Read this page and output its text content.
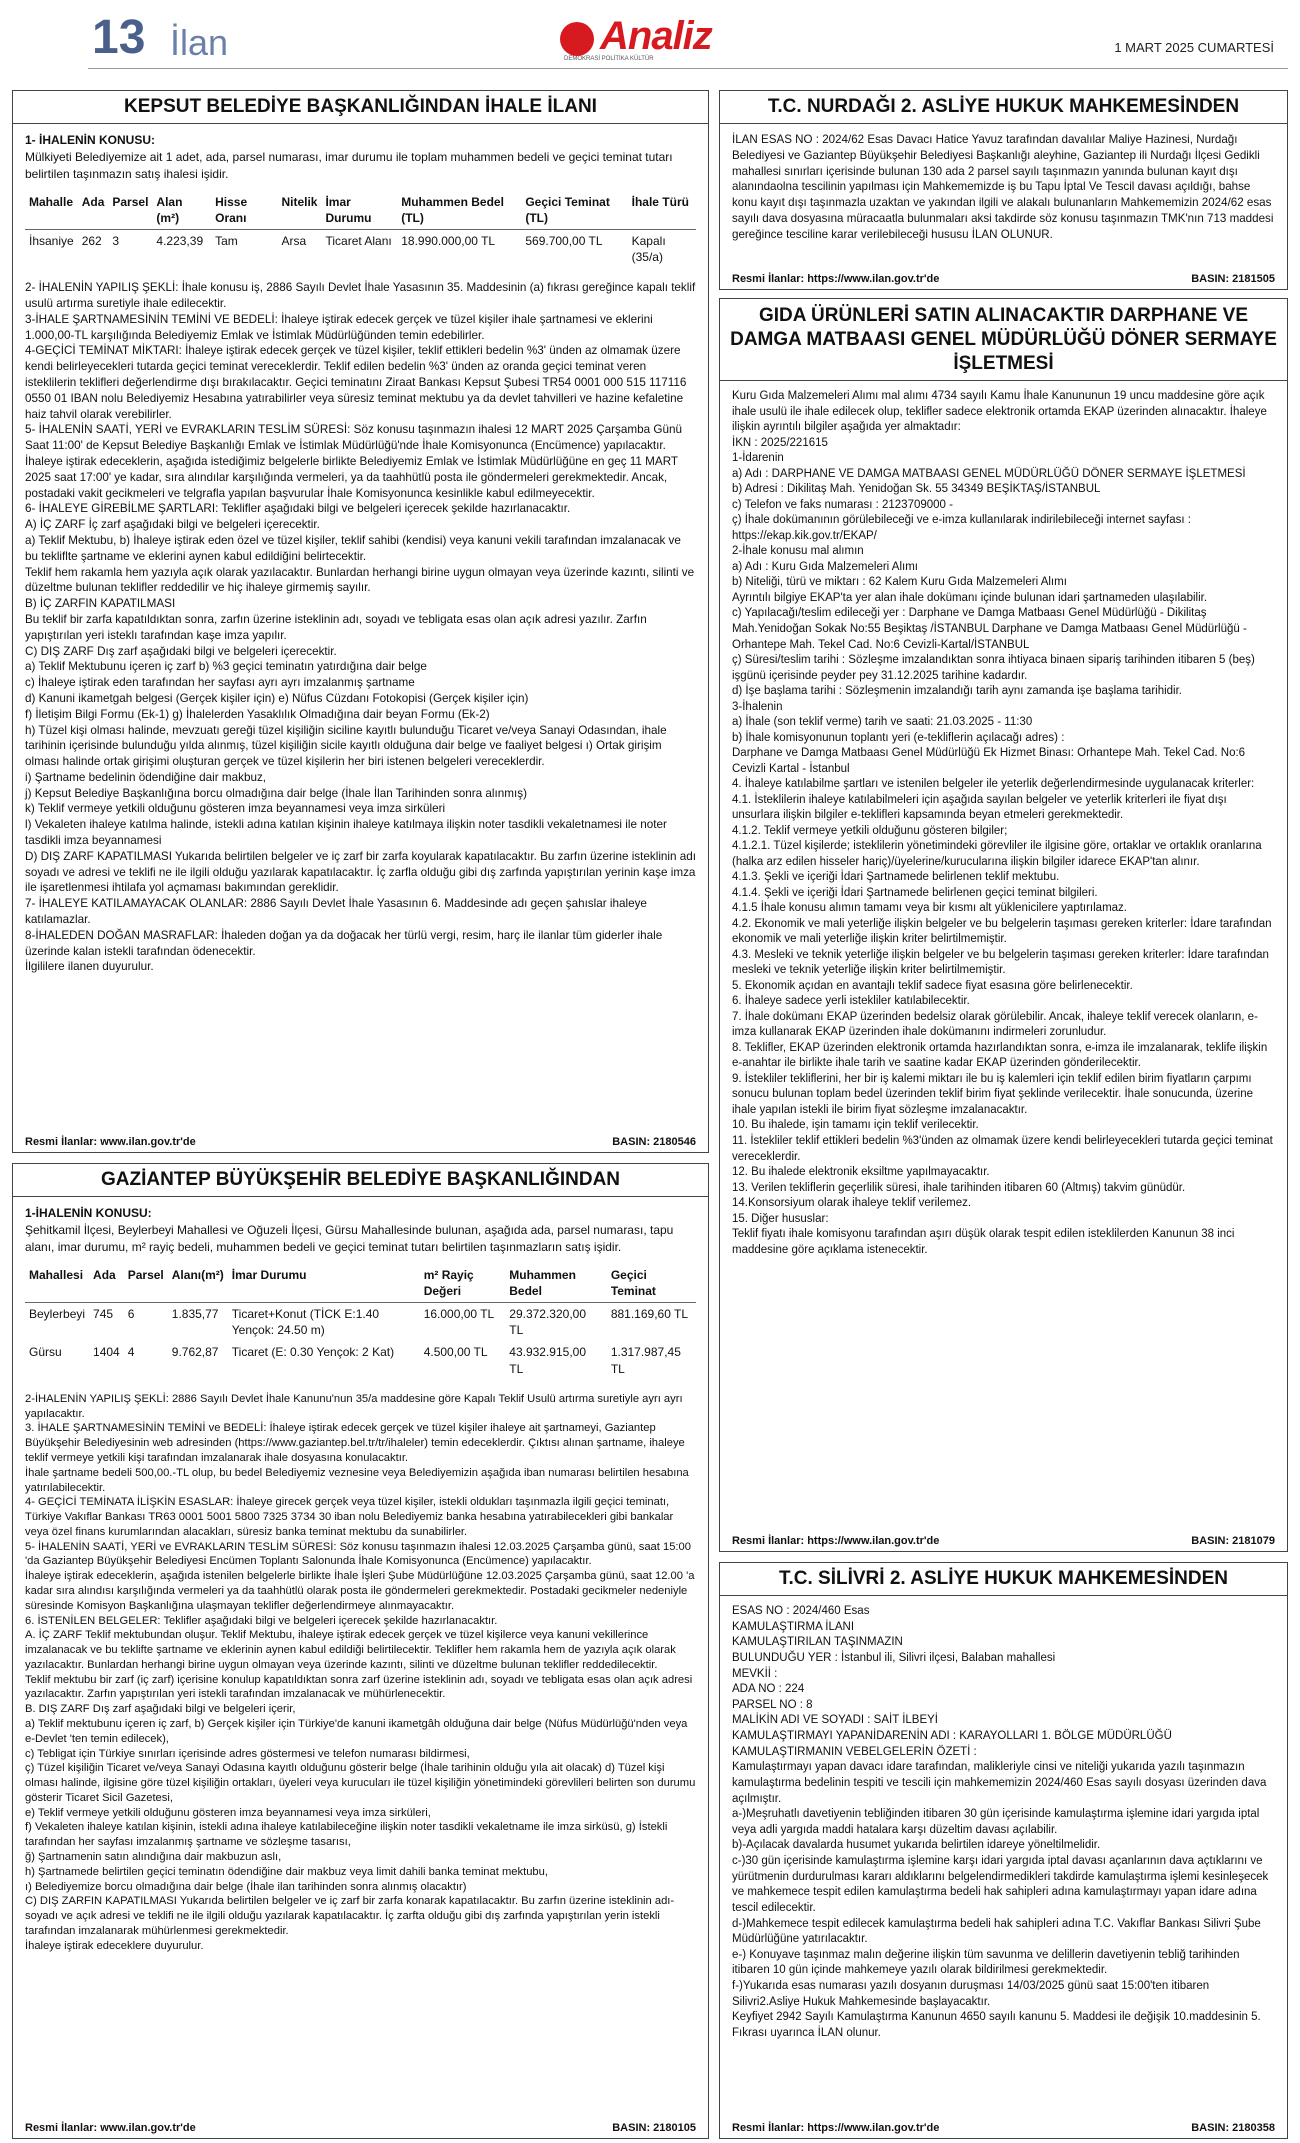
13 İlan	Analiz
DEMOKRASİ POLİTİKA KÜLTÜR
1 MART 2025 CUMARTESİ
KEPSUT BELEDİYE BAŞKANLIĞINDAN İHALE İLANI

1- İHALENİN KONUSU:

Mülkiyeti Belediyemize ait 1 adet, ada, parsel numarası, imar durumu ile toplam muhammen bedeli ve geçici teminat tutarı belirtilen taşınmazın satış ihalesi işidir.

Mahalle	Ada	Parsel	Alan (m²)	Hisse Oranı	Nitelik	İmar Durumu	Muhammen Bedel (TL)	Geçici Teminat (TL)	İhale Türü
İhsaniye	262	3	4.223,39	Tam	Arsa	Ticaret Alanı	18.990.000,00 TL	569.700,00 TL	Kapalı (35/a)
2- İHALENİN YAPILIŞ ŞEKLİ: İhale konusu iş, 2886 Sayılı Devlet İhale Yasasının 35. Maddesinin (a) fıkrası gereğince kapalı teklif usulü artırma suretiyle ihale edilecektir.
3-İHALE ŞARTNAMESİNİN TEMİNİ VE BEDELİ: İhaleye iştirak edecek gerçek ve tüzel kişiler ihale şartnamesi ve eklerini 1.000,00-TL karşılığında Belediyemiz Emlak ve İstimlak Müdürlüğünden temin edebilirler.
4-GEÇİCİ TEMİNAT MİKTARI: İhaleye iştirak edecek gerçek ve tüzel kişiler, teklif ettikleri bedelin %3' ünden az olmamak üzere kendi belirleyecekleri tutarda geçici teminat vereceklerdir. Teklif edilen bedelin %3' ünden az oranda geçici teminat veren isteklilerin teklifleri değerlendirme dışı bırakılacaktır. Geçici teminatını Ziraat Bankası Kepsut Şubesi TR54 0001 000 515 117116 0550 01 IBAN nolu Belediyemiz Hesabına yatırabilirler veya süresiz teminat mektubu ya da devlet tahvilleri ve hazine kefaletine haiz tahvil olarak verebilirler.
5- İHALENİN SAATİ, YERİ ve EVRAKLARIN TESLİM SÜRESİ: Söz konusu taşınmazın ihalesi 12 MART 2025 Çarşamba Günü Saat 11:00' de Kepsut Belediye Başkanlığı Emlak ve İstimlak Müdürlüğü'nde İhale Komisyonunca (Encümence) yapılacaktır. İhaleye iştirak edeceklerin, aşağıda istediğimiz belgelerle birlikte Belediyemiz Emlak ve İstimlak Müdürlüğüne en geç 11 MART 2025 saat 17:00' ye kadar, sıra alındılar karşılığında vermeleri, ya da taahhütlü posta ile göndermeleri gerekmektedir. Ancak, postadaki vakit gecikmeleri ve telgrafla yapılan başvurular İhale Komisyonunca kesinlikle kabul edilmeyecektir.
6- İHALEYE GİREBİLME ŞARTLARI: Teklifler aşağıdaki bilgi ve belgeleri içerecek şekilde hazırlanacaktır.
A) İÇ ZARF İç zarf aşağıdaki bilgi ve belgeleri içerecektir.
a) Teklif Mektubu, b) İhaleye iştirak eden özel ve tüzel kişiler, teklif sahibi (kendisi) veya kanuni vekili tarafından imzalanacak ve bu tekliflte şartname ve eklerini aynen kabul edildiğini belirtecektir.
Teklif hem rakamla hem yazıyla açık olarak yazılacaktır. Bunlardan herhangi birine uygun olmayan veya üzerinde kazıntı, silinti ve düzeltme bulunan teklifler reddedilir ve hiç ihaleye girmemiş sayılır.
B) İÇ ZARFIN KAPATILMASI
Bu teklif bir zarfa kapatıldıktan sonra, zarfın üzerine isteklinin adı, soyadı ve tebligata esas olan açık adresi yazılır. Zarfın yapıştırılan yeri isteklı tarafından kaşe imza yapılır.
C) DIŞ ZARF Dış zarf aşağıdaki bilgi ve belgeleri içerecektir.
a) Teklif Mektubunu içeren iç zarf b) %3 geçici teminatın yatırdığına dair belge
c) İhaleye iştirak eden tarafından her sayfası ayrı ayrı imzalanmış şartname
d) Kanuni ikametgah belgesi (Gerçek kişiler için) e) Nüfus Cüzdanı Fotokopisi (Gerçek kişiler için)
f) İletişim Bilgi Formu (Ek-1) g) İhalelerden Yasaklılık Olmadığına dair beyan Formu (Ek-2)
h) Tüzel kişi olması halinde, mevzuatı gereği tüzel kişiliğin siciline kayıtlı bulunduğu Ticaret ve/veya Sanayi Odasından, ihale tarihinin içerisinde bulunduğu yılda alınmış, tüzel kişiliğin sicile kayıtlı olduğuna dair belge ve faaliyet belgesi ı) Ortak girişim olması halinde ortak girişimi oluşturan gerçek ve tüzel kişilerin her biri istenen belgeleri vereceklerdir.
i) Şartname bedelinin ödendiğine dair makbuz,
j) Kepsut Belediye Başkanlığına borcu olmadığına dair belge (İhale İlan Tarihinden sonra alınmış)
k) Teklif vermeye yetkili olduğunu gösteren imza beyannamesi veya imza sirküleri
l) Vekaleten ihaleye katılma halinde, istekli adına katılan kişinin ihaleye katılmaya ilişkin noter tasdikli vekaletnamesi ile noter tasdikli imza beyannamesi
D) DIŞ ZARF KAPATILMASI Yukarıda belirtilen belgeler ve iç zarf bir zarfa koyularak kapatılacaktır. Bu zarfın üzerine isteklinin adı soyadı ve adresi ve teklifi ne ile ilgili olduğu yazılarak kapatılacaktır. İç zarfla olduğu gibi dış zarfında yapıştırılan yerinin kaşe imza ile işaretlenmesi ihtilafa yol açmaması bakımından gereklidir.
7- İHALEYE KATILAMAYACAK OLANLAR: 2886 Sayılı Devlet İhale Yasasının 6. Maddesinde adı geçen şahıslar ihaleye katılamazlar.
8-İHALEDEN DOĞAN MASRAFLAR: İhaleden doğan ya da doğacak her türlü vergi, resim, harç ile ilanlar tüm giderler ihale üzerinde kalan istekli tarafından ödenecektir.
İlgililere ilanen duyurulur.
Resmi İlanlar: www.ilan.gov.tr'de	BASIN: 2180546
GAZİANTEP BÜYÜKŞEHİR BELEDİYE BAŞKANLIĞINDAN

1-İHALENİN KONUSU:

Şehitkamil İlçesi, Beylerbeyi Mahallesi ve Oğuzeli İlçesi, Gürsu Mahallesinde bulunan, aşağıda ada, parsel numarası, tapu alanı, imar durumu, m² rayiç bedeli, muhammen bedeli ve geçici teminat tutarı belirtilen taşınmazların satış işidir.

Mahallesi	Ada	Parsel	Alanı(m²)	İmar Durumu	m² Rayiç Değeri	Muhammen Bedel	Geçici Teminat
Beylerbeyi	745	6	1.835,77	Ticaret+Konut (TİCK E:1.40 Yençok: 24.50 m)	16.000,00 TL	29.372.320,00 TL	881.169,60 TL
Gürsu	1404	4	9.762,87	Ticaret (E: 0.30 Yençok: 2 Kat)	4.500,00 TL	43.932.915,00 TL	1.317.987,45 TL
2-İHALENİN YAPILIŞ ŞEKLİ: 2886 Sayılı Devlet İhale Kanunu'nun 35/a maddesine göre Kapalı Teklif Usulü artırma suretiyle ayrı ayrı yapılacaktır.
3. İHALE ŞARTNAMESİNİN TEMİNİ ve BEDELİ: İhaleye iştirak edecek gerçek ve tüzel kişiler ihaleye ait şartnameyi, Gaziantep Büyükşehir Belediyesinin web adresinden (https://www.gaziantep.bel.tr/tr/ihaleler) temin edeceklerdir. Çıktısı alınan şartname, ihaleye teklif vermeye yetkili kişi tarafından imzalanarak ihale dosyasına konulacaktır.
İhale şartname bedeli 500,00.-TL olup, bu bedel Belediyemiz veznesine veya Belediyemizin aşağıda iban numarası belirtilen hesabına yatırılabilecektir.
4- GEÇİCİ TEMİNATA İLİŞKİN ESASLAR: İhaleye girecek gerçek veya tüzel kişiler, istekli oldukları taşınmazla ilgili geçici teminatı, Türkiye Vakıflar Bankası TR63 0001 5001 5800 7325 3734 30 iban nolu Belediyemiz banka hesabına yatırabilecekleri gibi bankalar veya özel finans kurumlarından alacakları, süresiz banka teminat mektubu da sunabilirler.
5- İHALENİN SAATİ, YERİ ve EVRAKLARIN TESLİM SÜRESİ: Söz konusu taşınmazın ihalesi 12.03.2025 Çarşamba günü, saat 15:00 'da Gaziantep Büyükşehir Belediyesi Encümen Toplantı Salonunda İhale Komisyonunca (Encümence) yapılacaktır.
İhaleye iştirak edeceklerin, aşağıda istenilen belgelerle birlikte İhale İşleri Şube Müdürlüğüne 12.03.2025 Çarşamba günü, saat 12.00 'a kadar sıra alındısı karşılığında vermeleri ya da taahhütlü olarak posta ile göndermeleri gerekmektedir. Postadaki gecikmeler nedeniyle süresinde Komisyon Başkanlığına ulaşmayan teklifler değerlendirmeye alınmayacaktır.
6. İSTENİLEN BELGELER: Teklifler aşağıdaki bilgi ve belgeleri içerecek şekilde hazırlanacaktır.
A. İÇ ZARF Teklif mektubundan oluşur. Teklif Mektubu, ihaleye iştirak edecek gerçek ve tüzel kişilerce veya kanuni vekillerince imzalanacak ve bu teklifte şartname ve eklerinin aynen kabul edildiği belirtilecektir. Teklifler hem rakamla hem de yazıyla açık olarak yazılacaktır. Bunlardan herhangi birine uygun olmayan veya üzerinde kazıntı, silinti ve düzeltme bulunan teklifler reddedilecektir.
Teklif mektubu bir zarf (iç zarf) içerisine konulup kapatıldıktan sonra zarf üzerine isteklinin adı, soyadı ve tebligata esas olan açık adresi yazılacaktır. Zarfın yapıştırılan yeri istekli tarafından imzalanacak ve mühürlenecektir.
B. DIŞ ZARF Dış zarf aşağıdaki bilgi ve belgeleri içerir,
a) Teklif mektubunu içeren iç zarf, b) Gerçek kişiler için Türkiye'de kanuni ikametgâh olduğuna dair belge (Nüfus Müdürlüğü'nden veya e-Devlet 'ten temin edilecek),
c) Tebligat için Türkiye sınırları içerisinde adres göstermesi ve telefon numarası bildirmesi,
ç) Tüzel kişiliğin Ticaret ve/veya Sanayi Odasına kayıtlı olduğunu gösterir belge (İhale tarihinin olduğu yıla ait olacak) d) Tüzel kişi olması halinde, ilgisine göre tüzel kişiliğin ortakları, üyeleri veya kurucuları ile tüzel kişiliğin yönetimindeki görevlileri belirten son durumu gösterir Ticaret Sicil Gazetesi,
e) Teklif vermeye yetkili olduğunu gösteren imza beyannamesi veya imza sirküleri,
f) Vekaleten ihaleye katılan kişinin, istekli adına ihaleye katılabileceğine ilişkin noter tasdikli vekaletname ile imza sirküsü, g) İstekli tarafından her sayfası imzalanmış şartname ve sözleşme tasarısı,
ğ) Şartnamenin satın alındığına dair makbuzun aslı,
h) Şartnamede belirtilen geçici teminatın ödendiğine dair makbuz veya limit dahili banka teminat mektubu,
ı) Belediyemize borcu olmadığına dair belge (İhale ilan tarihinden sonra alınmış olacaktır)
C) DIŞ ZARFIN KAPATILMASI Yukarıda belirtilen belgeler ve iç zarf bir zarfa konarak kapatılacaktır. Bu zarfın üzerine isteklinin adı-soyadı ve açık adresi ve teklifi ne ile ilgili olduğu yazılarak kapatılacaktır. İç zarfta olduğu gibi dış zarfında yapıştırılan yerin istekli tarafından imzalanarak mühürlenmesi gerekmektedir.
İhaleye iştirak edeceklere duyurulur.
Resmi İlanlar: www.ilan.gov.tr'de	BASIN: 2180105
T.C. NURDAĞI 2. ASLİYE HUKUK MAHKEMESİNDEN
İLAN ESAS NO : 2024/62 Esas Davacı Hatice Yavuz tarafından davalılar Maliye Hazinesi, Nurdağı Belediyesi ve Gaziantep Büyükşehir Belediyesi Başkanlığı aleyhine, Gaziantep ili Nurdağı İlçesi Gedikli mahallesi sınırları içerisinde bulunan 130 ada 2 parsel sayılı taşınmazın yanında bulunan kayıt dışı alanındaolna tescilinin yapılması için Mahkememizde iş bu Tapu İptal Ve Tescil davası açıldığı, bahse konu kayıt dışı taşınmazla uzaktan ve yakından ilgili ve alakalı bulunanların Mahkememizin 2024/62 esas sayılı dava dosyasına müracaatla bulunmaları aksi takdirde söz konusu taşınmazın TMK'nın 713 maddesi gereğince tesciline karar verilebileceği hususu İLAN OLUNUR.
Resmi İlanlar: https://www.ilan.gov.tr'de	BASIN: 2181505
GIDA ÜRÜNLERİ SATIN ALINACAKTIR DARPHANE VE DAMGA MATBAASI GENEL MÜDÜRLÜĞÜ DÖNER SERMAYE İŞLETMESİ
Kuru Gıda Malzemeleri Alımı mal alımı 4734 sayılı Kamu İhale Kanununun 19 uncu maddesine göre açık ihale usulü ile ihale edilecek olup, teklifler sadece elektronik ortamda EKAP üzerinden alınacaktır. İhaleye ilişkin ayrıntılı bilgiler aşağıda yer almaktadır:
İKN : 2025/221615
1-İdarenin
a) Adı : DARPHANE VE DAMGA MATBAASI GENEL MÜDÜRLÜĞÜ DÖNER SERMAYE İŞLETMESİ
b) Adresi : Dikilitaş Mah. Yenidoğan Sk. 55 34349 BEŞİKTAŞ/İSTANBUL
c) Telefon ve faks numarası : 2123709000 -
ç) İhale dokümanının görülebileceği ve e-imza kullanılarak indirilebileceği internet sayfası : https://ekap.kik.gov.tr/EKAP/
2-İhale konusu mal alımın
a) Adı : Kuru Gıda Malzemeleri Alımı
b) Niteliği, türü ve miktarı : 62 Kalem Kuru Gıda Malzemeleri Alımı
Ayrıntılı bilgiye EKAP'ta yer alan ihale dokümanı içinde bulunan idari şartnameden ulaşılabilir.
c) Yapılacağı/teslim edileceği yer : Darphane ve Damga Matbaası Genel Müdürlüğü - Dikilitaş Mah.Yenidoğan Sokak No:55 Beşiktaş /İSTANBUL Darphane ve Damga Matbaası Genel Müdürlüğü - Orhantepe Mah. Tekel Cad. No:6 Cevizli-Kartal/İSTANBUL
ç) Süresi/teslim tarihi : Sözleşme imzalandıktan sonra ihtiyaca binaen sipariş tarihinden itibaren 5 (beş) işgünü içerisinde peyder pey 31.12.2025 tarihine kadardır.
d) İşe başlama tarihi : Sözleşmenin imzalandığı tarih aynı zamanda işe başlama tarihidir.
3-İhalenin
a) İhale (son teklif verme) tarih ve saati: 21.03.2025 - 11:30
b) İhale komisyonunun toplantı yeri (e-tekliflerin açılacağı adres) :
Darphane ve Damga Matbaası Genel Müdürlüğü Ek Hizmet Binası: Orhantepe Mah. Tekel Cad. No:6 Cevizli Kartal - İstanbul
4. İhaleye katılabilme şartları ve istenilen belgeler ile yeterlik değerlendirmesinde uygulanacak kriterler:
4.1. İsteklilerin ihaleye katılabilmeleri için aşağıda sayılan belgeler ve yeterlik kriterleri ile fiyat dışı unsurlara ilişkin bilgiler e-teklifleri kapsamında beyan etmeleri gerekmektedir.
4.1.2. Teklif vermeye yetkili olduğunu gösteren bilgiler;
4.1.2.1. Tüzel kişilerde; isteklilerin yönetimindeki görevliler ile ilgisine göre, ortaklar ve ortaklık oranlarına (halka arz edilen hisseler hariç)/üyelerine/kurucularına ilişkin bilgiler idarece EKAP'tan alınır.
4.1.3. Şekli ve içeriği İdari Şartnamede belirlenen teklif mektubu.
4.1.4. Şekli ve içeriği İdari Şartnamede belirlenen geçici teminat bilgileri.
4.1.5 İhale konusu alımın tamamı veya bir kısmı alt yüklenicilere yaptırılamaz.
4.2. Ekonomik ve mali yeterliğe ilişkin belgeler ve bu belgelerin taşıması gereken kriterler: İdare tarafından ekonomik ve mali yeterliğe ilişkin kriter belirtilmemiştir.
4.3. Mesleki ve teknik yeterliğe ilişkin belgeler ve bu belgelerin taşıması gereken kriterler: İdare tarafından mesleki ve teknik yeterliğe ilişkin kriter belirtilmemiştir.
5. Ekonomik açıdan en avantajlı teklif sadece fiyat esasına göre belirlenecektir.
6. İhaleye sadece yerli istekliler katılabilecektir.
7. İhale dokümanı EKAP üzerinden bedelsiz olarak görülebilir. Ancak, ihaleye teklif verecek olanların, e-imza kullanarak EKAP üzerinden ihale dokümanını indirmeleri zorunludur.
8. Teklifler, EKAP üzerinden elektronik ortamda hazırlandıktan sonra, e-imza ile imzalanarak, teklife ilişkin e-anahtar ile birlikte ihale tarih ve saatine kadar EKAP üzerinden gönderilecektir.
9. İstekliler tekliflerini, her bir iş kalemi miktarı ile bu iş kalemleri için teklif edilen birim fiyatların çarpımı sonucu bulunan toplam bedel üzerinden teklif birim fiyat şeklinde verilecektir. İhale sonucunda, üzerine ihale yapılan istekli ile birim fiyat sözleşme imzalanacaktır.
10. Bu ihalede, işin tamamı için teklif verilecektir.
11. İstekliler teklif ettikleri bedelin %3'ünden az olmamak üzere kendi belirleyecekleri tutarda geçici teminat vereceklerdir.
12. Bu ihalede elektronik eksiltme yapılmayacaktır.
13. Verilen tekliflerin geçerlilik süresi, ihale tarihinden itibaren 60 (Altmış) takvim günüdür.
14.Konsorsiyum olarak ihaleye teklif verilemez.
15. Diğer hususlar:
Teklif fiyatı ihale komisyonu tarafından aşırı düşük olarak tespit edilen isteklilerden Kanunun 38 inci maddesine göre açıklama istenecektir.
Resmi İlanlar: https://www.ilan.gov.tr'de	BASIN: 2181079
T.C. SİLİVRİ 2. ASLİYE HUKUK MAHKEMESİNDEN
ESAS NO : 2024/460 Esas
KAMULAŞTIRMA İLANI
KAMULAŞTIRILAN TAŞINMAZIN
BULUNDUĞU YER : İstanbul ili, Silivri ilçesi, Balaban mahallesi
MEVKİİ :
ADA NO : 224
PARSEL NO : 8
MALİKİN ADI VE SOYADI : SAİT İLBEYİ
KAMULAŞTIRMAYI YAPANİDARENİN ADI : KARAYOLLARI 1. BÖLGE MÜDÜRLÜĞÜ
KAMULAŞTIRMANIN VEBELGELERİN ÖZETİ :
Kamulaştırmayı yapan davacı idare tarafından, malikleriyle cinsi ve niteliği yukarıda yazılı taşınmazın kamulaştırma bedelinin tespiti ve tescili için mahkememizin 2024/460 Esas sayılı dosyası üzerinden dava açılmıştır.
a-)Meşruhatlı davetiyenin tebliğinden itibaren 30 gün içerisinde kamulaştırma işlemine idari yargıda iptal veya adli yargıda maddi hatalara karşı düzeltim davası açılabilir.
b)-Açılacak davalarda husumet yukarıda belirtilen idareye yöneltilmelidir.
c-)30 gün içerisinde kamulaştırma işlemine karşı idari yargıda iptal davası açanlarının dava açtıklarını ve yürütmenin durdurulması kararı aldıklarını belgelendirmedikleri takdirde kamulaştırma işlemi kesinleşecek ve mahkemece tespit edilen kamulaştırma bedeli hak sahipleri adına kamulaştırmayı yapan idare adına tescil edilecektir.
d-)Mahkemece tespit edilecek kamulaştırma bedeli hak sahipleri adına T.C. Vakıflar Bankası Silivri Şube Müdürlüğüne yatırılacaktır.
e-) Konuyave taşınmaz malın değerine ilişkin tüm savunma ve delillerin davetiyenin tebliğ tarihinden itibaren 10 gün içinde mahkemeye yazılı olarak bildirilmesi gerekmektedir.
f-)Yukarıda esas numarası yazılı dosyanın duruşması 14/03/2025 günü saat 15:00'ten itibaren Silivri2.Asliye Hukuk Mahkemesinde başlayacaktır.
Keyfiyet 2942 Sayılı Kamulaştırma Kanunun 4650 sayılı kanunu 5. Maddesi ile değişik 10.maddesinin 5. Fıkrası uyarınca İLAN olunur.
Resmi İlanlar: https://www.ilan.gov.tr'de	BASIN: 2180358
